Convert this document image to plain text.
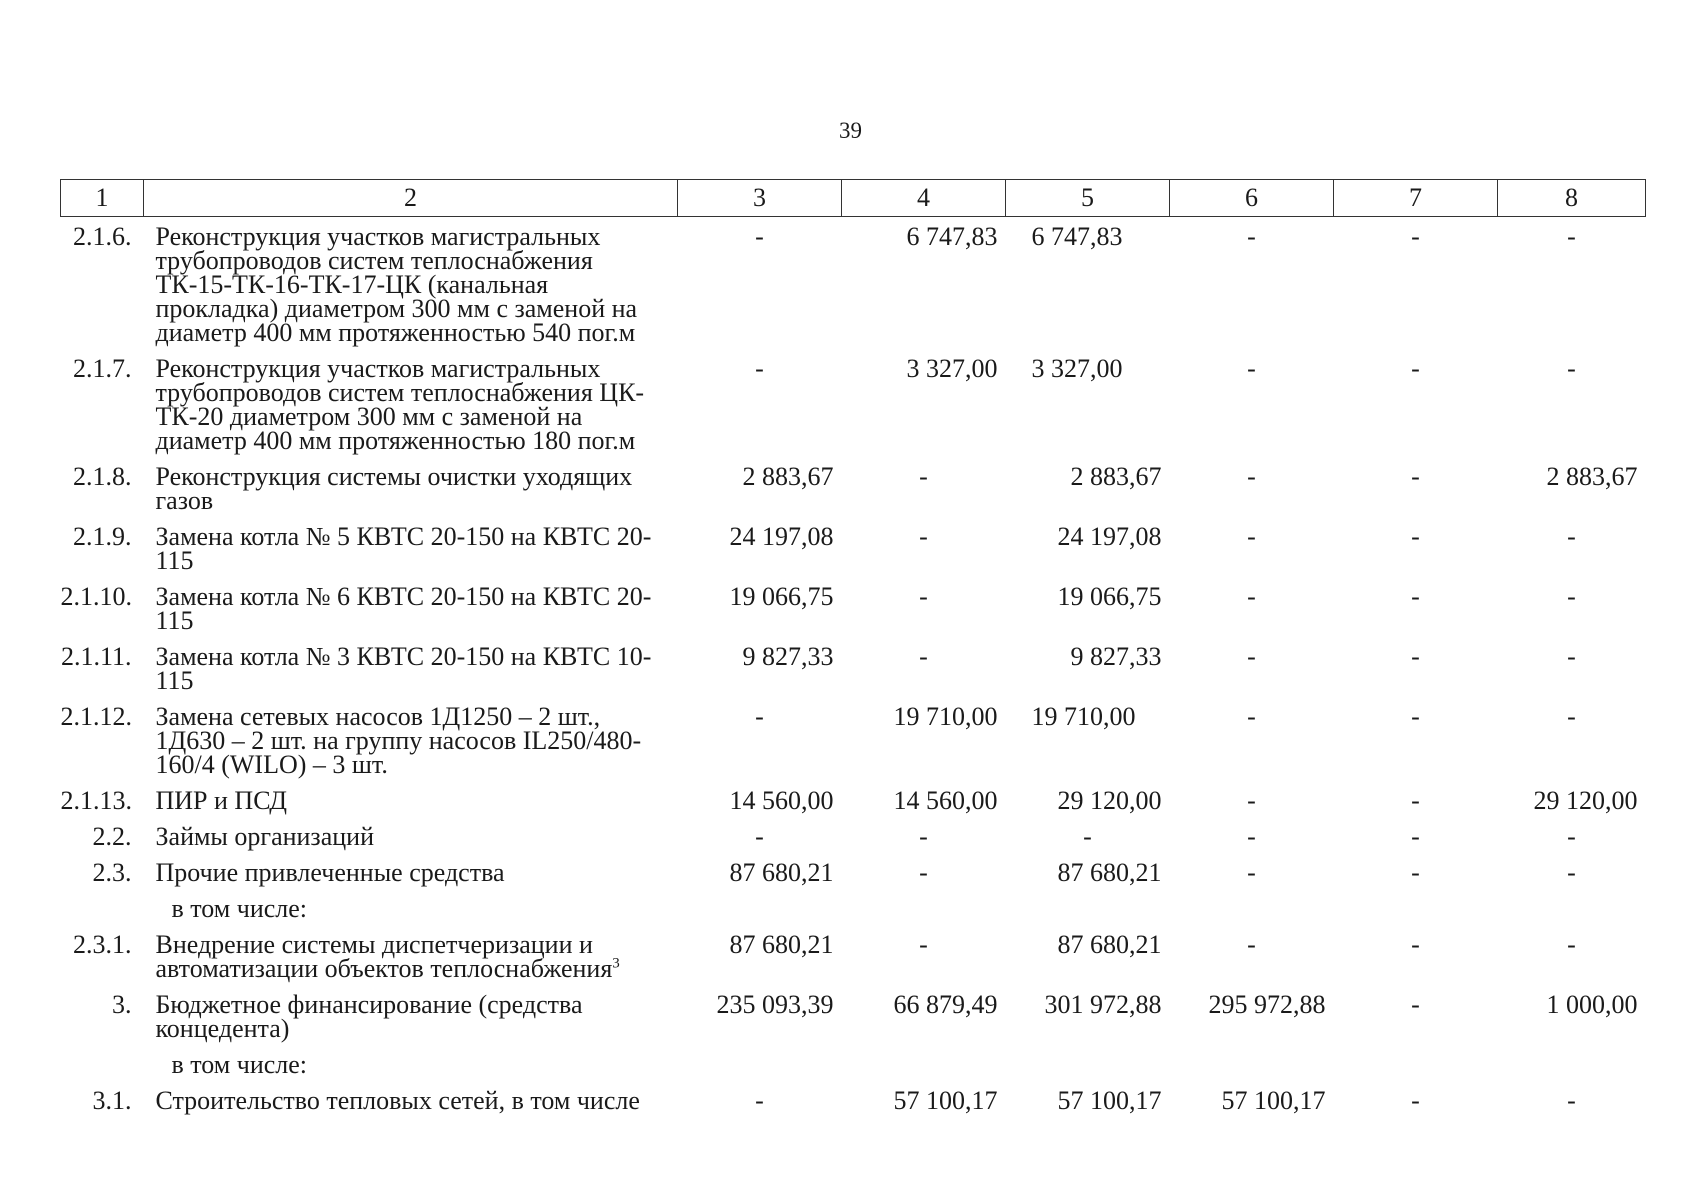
39
1	2	3	4	5	6	7	8
2.1.6.	Реконструкция участков магистральных трубопроводов систем теплоснабжения ТК-15-ТК-16-ТК-17-ЦК (канальная прокладка) диаметром 300 мм с заменой на диаметр 400 мм протяженностью 540 пог.м	-	6 747,83	6 747,83	-	-	-
2.1.7.	Реконструкция участков магистральных трубопроводов систем теплоснабжения ЦК-ТК-20 диаметром 300 мм с заменой на диаметр 400 мм протяженностью 180 пог.м	-	3 327,00	3 327,00	-	-	-
2.1.8.	Реконструкция системы очистки уходящих газов	2 883,67	-	2 883,67	-	-	2 883,67
2.1.9.	Замена котла № 5 КВТС 20-150 на КВТС 20-115	24 197,08	-	24 197,08	-	-	-
2.1.10.	Замена котла № 6 КВТС 20-150 на КВТС 20-115	19 066,75	-	19 066,75	-	-	-
2.1.11.	Замена котла № 3 КВТС 20-150 на КВТС 10-115	9 827,33	-	9 827,33	-	-	-
2.1.12.	Замена сетевых насосов 1Д1250 – 2 шт., 1Д630 – 2 шт. на группу насосов IL250/480-160/4 (WILO) – 3 шт.	-	19 710,00	19 710,00	-	-	-
2.1.13.	ПИР и ПСД	14 560,00	14 560,00	29 120,00	-	-	29 120,00
2.2.	Займы организаций	-	-	-	-	-	-
2.3.	Прочие привлеченные средства	87 680,21	-	87 680,21	-	-	-
	в том числе:						
2.3.1.	Внедрение системы диспетчеризации и автоматизации объектов теплоснабжения$^3$	87 680,21	-	87 680,21	-	-	-
3.	Бюджетное финансирование (средства концедента)	235 093,39	66 879,49	301 972,88	295 972,88	-	1 000,00
	в том числе:						
3.1.	Строительство тепловых сетей, в том числе	-	57 100,17	57 100,17	57 100,17	-	-
